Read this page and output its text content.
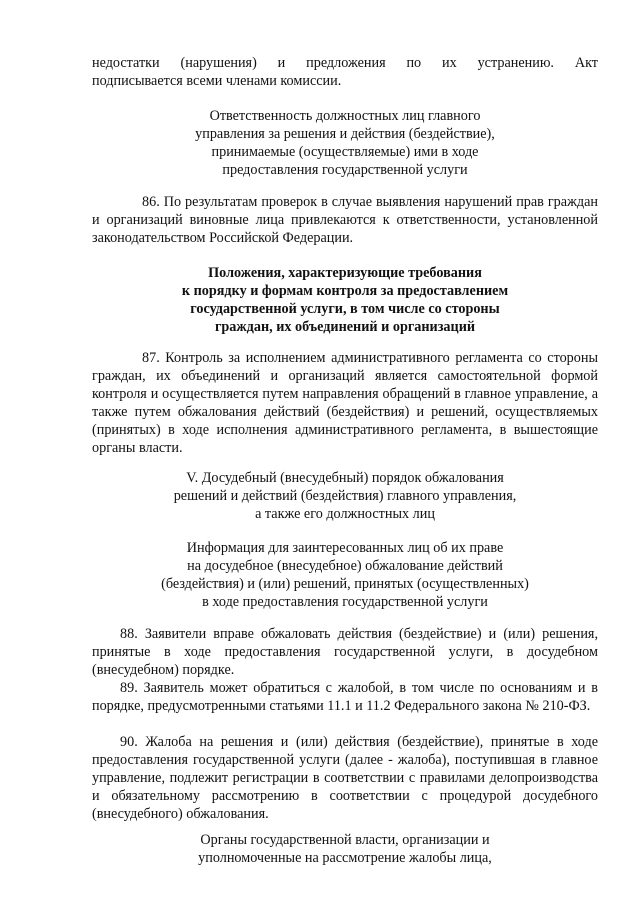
недостатки (нарушения) и предложения по их устранению. Акт
подписывается всеми членами комиссии.
Ответственность должностных лиц главного
управления за решения и действия (бездействие),
принимаемые (осуществляемые) ими в ходе
предоставления государственной услуги
86. По результатам проверок в случае выявления нарушений прав граждан и организаций виновные лица привлекаются к ответственности, установленной законодательством Российской Федерации.
Положения, характеризующие требования
к порядку и формам контроля за предоставлением
государственной услуги, в том числе со стороны
граждан, их объединений и организаций
87. Контроль за исполнением административного регламента со стороны граждан, их объединений и организаций является самостоятельной формой контроля и осуществляется путем направления обращений в главное управление, а также путем обжалования действий (бездействия) и решений, осуществляемых (принятых) в ходе исполнения административного регламента, в вышестоящие органы власти.
V. Досудебный (внесудебный) порядок обжалования
решений и действий (бездействия) главного управления,
а также его должностных лиц
Информация для заинтересованных лиц об их праве
на досудебное (внесудебное) обжалование действий
(бездействия) и (или) решений, принятых (осуществленных)
в ходе предоставления государственной услуги
88. Заявители вправе обжаловать действия (бездействие) и (или) решения, принятые в ходе предоставления государственной услуги, в досудебном (внесудебном) порядке.
89. Заявитель может обратиться с жалобой, в том числе по основаниям и в порядке, предусмотренными статьями 11.1 и 11.2 Федерального закона № 210-ФЗ.
90. Жалоба на решения и (или) действия (бездействие), принятые в ходе предоставления государственной услуги (далее - жалоба), поступившая в главное управление, подлежит регистрации в соответствии с правилами делопроизводства и обязательному рассмотрению в соответствии с процедурой досудебного (внесудебного) обжалования.
Органы государственной власти, организации и
уполномоченные на рассмотрение жалобы лица,
